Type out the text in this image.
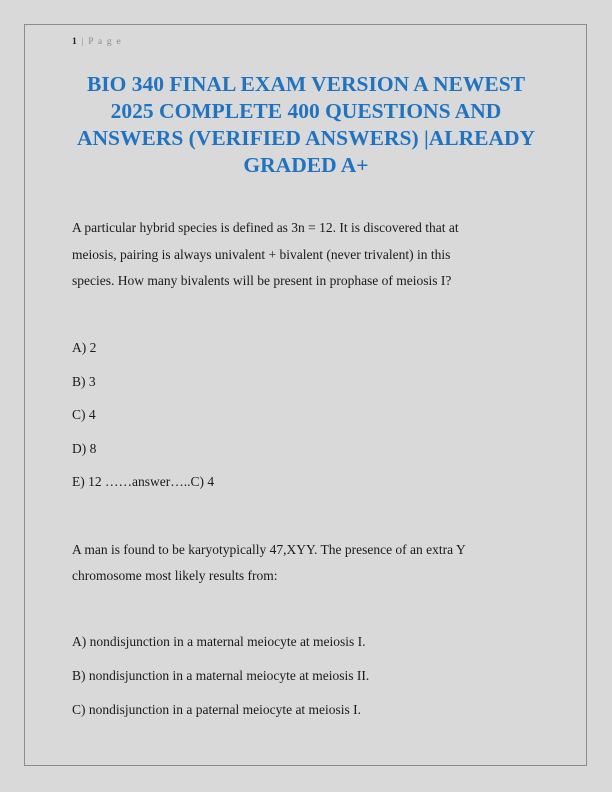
1 | P a g e
BIO 340 FINAL EXAM VERSION A NEWEST
2025 COMPLETE 400 QUESTIONS AND
ANSWERS (VERIFIED ANSWERS) |ALREADY
GRADED A+
A particular hybrid species is defined as 3n = 12. It is discovered that at
meiosis, pairing is always univalent + bivalent (never trivalent) in this
species. How many bivalents will be present in prophase of meiosis I?
A) 2
B) 3
C) 4
D) 8
E) 12 ……answer…..C) 4
A man is found to be karyotypically 47,XYY. The presence of an extra Y
chromosome most likely results from:
A) nondisjunction in a maternal meiocyte at meiosis I.
B) nondisjunction in a maternal meiocyte at meiosis II.
C) nondisjunction in a paternal meiocyte at meiosis I.
